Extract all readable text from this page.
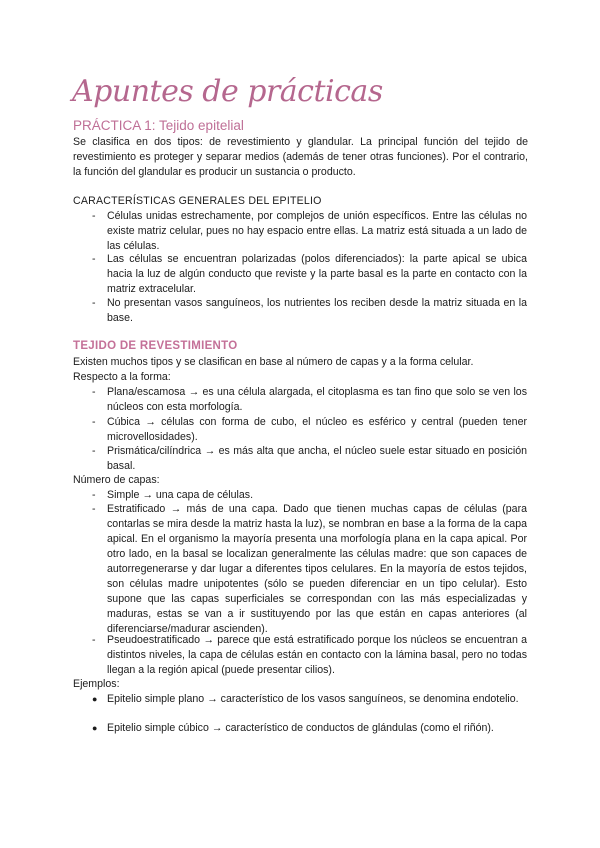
Apuntes de prácticas
PRÁCTICA 1: Tejido epitelial
Se clasifica en dos tipos: de revestimiento y glandular. La principal función del tejido de revestimiento es proteger y separar medios (además de tener otras funciones). Por el contrario, la función del glandular es producir un sustancia o producto.
CARACTERÍSTICAS GENERALES DEL EPITELIO
- Células unidas estrechamente, por complejos de unión específicos. Entre las células no existe matriz celular, pues no hay espacio entre ellas. La matriz está situada a un lado de las células.
- Las células se encuentran polarizadas (polos diferenciados): la parte apical se ubica hacia la luz de algún conducto que reviste y la parte basal es la parte en contacto con la matriz extracelular.
- No presentan vasos sanguíneos, los nutrientes los reciben desde la matriz situada en la base.
TEJIDO DE REVESTIMIENTO
Existen muchos tipos y se clasifican en base al número de capas y a la forma celular.
Respecto a la forma:
- Plana/escamosa → es una célula alargada, el citoplasma es tan fino que solo se ven los núcleos con esta morfología.
- Cúbica → células con forma de cubo, el núcleo es esférico y central (pueden tener microvellosidades).
- Prismática/cilíndrica → es más alta que ancha, el núcleo suele estar situado en posición basal.
Número de capas:
- Simple → una capa de células.
- Estratificado → más de una capa. Dado que tienen muchas capas de células (para contarlas se mira desde la matriz hasta la luz), se nombran en base a la forma de la capa apical. En el organismo la mayoría presenta una morfología plana en la capa apical. Por otro lado, en la basal se localizan generalmente las células madre: que son capaces de autorregenerarse y dar lugar a diferentes tipos celulares. En la mayoría de estos tejidos, son células madre unipotentes (sólo se pueden diferenciar en un tipo celular). Esto supone que las capas superficiales se correspondan con las más especializadas y maduras, estas se van a ir sustituyendo por las que están en capas anteriores (al diferenciarse/madurar ascienden).
- Pseudoestratificado → parece que está estratificado porque los núcleos se encuentran a distintos niveles, la capa de células están en contacto con la lámina basal, pero no todas llegan a la región apical (puede presentar cilios).
Ejemplos:
● Epitelio simple plano → característico de los vasos sanguíneos, se denomina endotelio.
● Epitelio simple cúbico → característico de conductos de glándulas (como el riñón).
